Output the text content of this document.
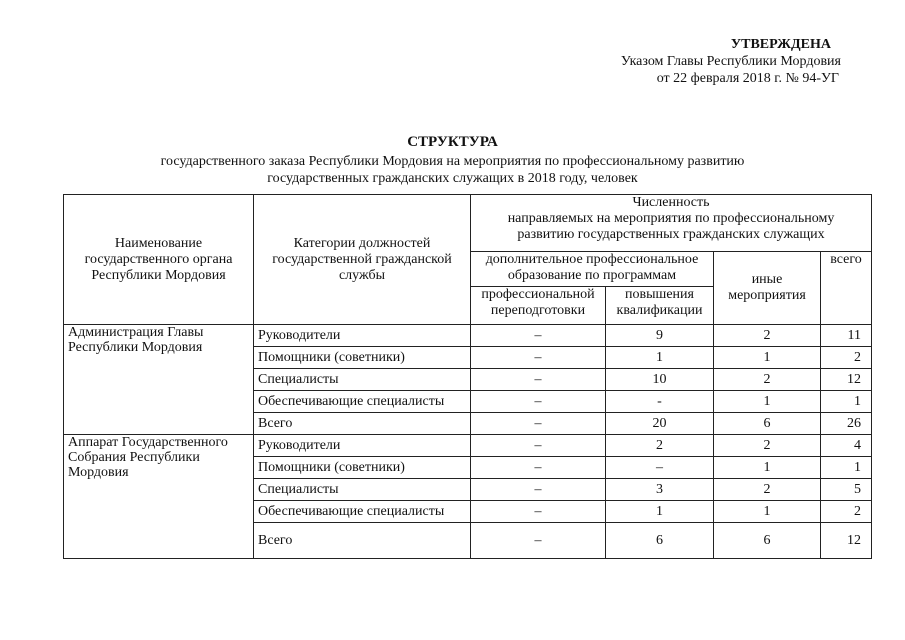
УТВЕРЖДЕНА
Указом Главы Республики Мордовия
от 22 февраля 2018 г. № 94-УГ
СТРУКТУРА
государственного заказа Республики Мордовия на мероприятия по профессиональному развитию
государственных гражданских служащих в 2018 году, человек
Наименование государственного органа Республики Мордовия	Категории должностей государственной гражданской службы	Численность
направляемых на мероприятия по профессиональному
развитию государственных гражданских служащих			

		дополнительное профессиональное образование по программам		иные мероприятия	всего
		профессиональной переподготовки	повышения квалификации		
Администрация Главы Республики Мордовия	Руководители	–	9	2	11
	Помощники (советники)	–	1	1	2
	Специалисты	–	10	2	12
	Обеспечивающие специалисты	–	-	1	1
	Всего	–	20	6	26
Аппарат Государственного Собрания Республики Мордовия	Руководители	–	2	2	4
	Помощники (советники)	–	–	1	1
	Специалисты	–	3	2	5
	Обеспечивающие специалисты	–	1	1	2
	Всего	–	6	6	12
